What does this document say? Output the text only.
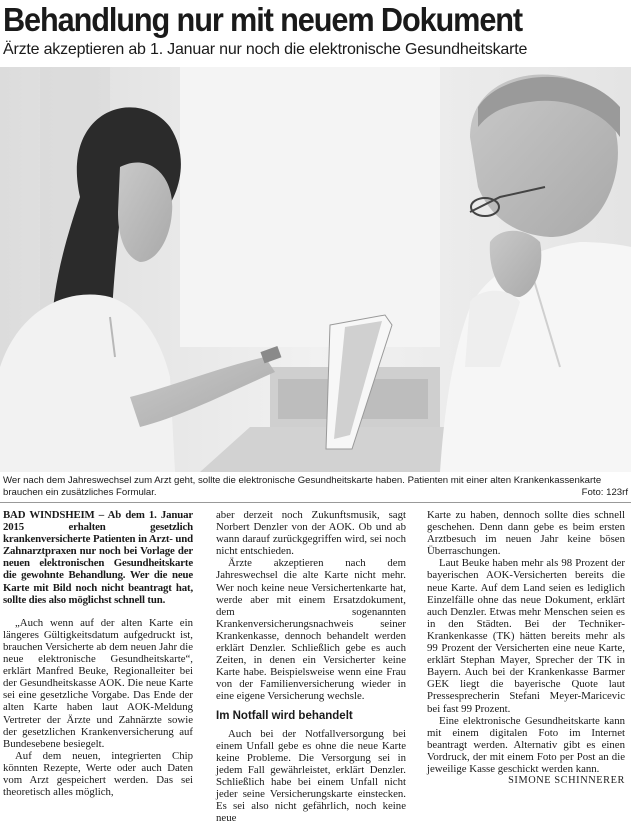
Behandlung nur mit neuem Dokument
Ärzte akzeptieren ab 1. Januar nur noch die elektronische Gesundheitskarte
Wer nach dem Jahreswechsel zum Arzt geht, sollte die elektronische Gesundheitskarte haben. Patienten mit einer alten Krankenkassenkarte brauchen ein zusätzliches Formular.	Foto: 123rf

BAD WINDSHEIM – Ab dem 1. Januar 2015 erhalten gesetzlich krankenversicherte Patienten in Arzt- und Zahnarztpraxen nur noch bei Vorlage der neuen elektronischen Gesundheitskarte die gewohnte Behandlung. Wer die neue Karte mit Bild noch nicht beantragt hat, sollte dies also möglichst schnell tun.

„Auch wenn auf der alten Karte ein längeres Gültigkeitsdatum aufgedruckt ist, brauchen Versicherte ab dem neuen Jahr die neue elektronische Gesundheitskarte“, erklärt Manfred Beuke, Regionalleiter bei der Gesundheitskasse AOK. Die neue Karte sei eine gesetzliche Vorgabe. Das Ende der alten Karte haben laut AOK-Meldung Vertreter der Ärzte und Zahnärzte sowie der gesetzlichen Krankenversicherung auf Bundesebene besiegelt.

Auf dem neuen, integrierten Chip könnten Rezepte, Werte oder auch Daten vom Arzt gespeichert werden. Das sei theoretisch alles möglich,

aber derzeit noch Zukunftsmusik, sagt Norbert Denzler von der AOK. Ob und ab wann darauf zurückgegriffen wird, sei noch nicht entschieden.

Ärzte akzeptieren nach dem Jahreswechsel die alte Karte nicht mehr. Wer noch keine neue Versichertenkarte hat, werde aber mit einem Ersatzdokument, dem sogenannten Krankenversicherungsnachweis seiner Krankenkasse, dennoch behandelt werden erklärt Denzler. Schließlich gebe es auch Zeiten, in denen ein Versicherter keine Karte habe. Beispielsweise wenn eine Frau von der Familienversicherung wieder in eine eigene Versicherung wechsle.

Im Notfall wird behandelt

Auch bei der Notfallversorgung bei einem Unfall gebe es ohne die neue Karte keine Probleme. Die Versorgung sei in jedem Fall gewährleistet, erklärt Denzler. Schließlich habe bei einem Unfall nicht jeder seine Versicherungskarte einstecken. Es sei also nicht gefährlich, noch keine neue

Karte zu haben, dennoch sollte dies schnell geschehen. Denn dann gebe es beim ersten Arztbesuch im neuen Jahr keine bösen Überraschungen.

Laut Beuke haben mehr als 98 Prozent der bayerischen AOK-Versicherten bereits die neue Karte. Auf dem Land seien es lediglich Einzelfälle ohne das neue Dokument, erklärt auch Denzler. Etwas mehr Menschen seien es in den Städten. Bei der Techniker-Krankenkasse (TK) hätten bereits mehr als 99 Prozent der Versicherten eine neue Karte, erklärt Stephan Mayer, Sprecher der TK in Bayern. Auch bei der Krankenkasse Barmer GEK liegt die bayerische Quote laut Pressesprecherin Stefani Meyer-Maricevic bei fast 99 Prozent.

Eine elektronische Gesundheitskarte kann mit einem digitalen Foto im Internet beantragt werden. Alternativ gibt es einen Vordruck, der mit einem Foto per Post an die jeweilige Kasse geschickt werden kann.

SIMONE SCHINNERER
